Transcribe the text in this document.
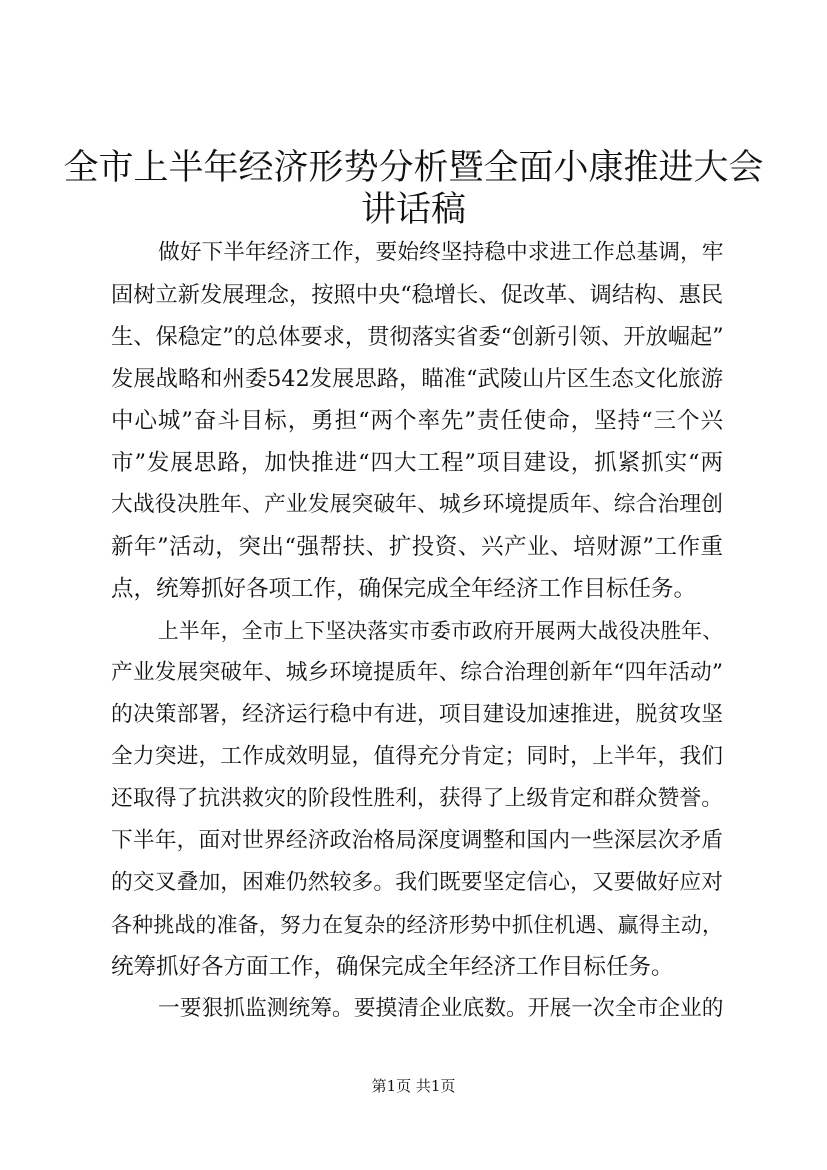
全市上半年经济形势分析暨全面小康推进大会
讲话稿
做好下半年经济工作，要始终坚持稳中求进工作总基调，牢
固树立新发展理念，按照中央“稳增长、促改革、调结构、惠民
生、保稳定”的总体要求，贯彻落实省委“创新引领、开放崛起”
发展战略和州委542发展思路，瞄准“武陵山片区生态文化旅游
中心城”奋斗目标，勇担“两个率先”责任使命，坚持“三个兴
市”发展思路，加快推进“四大工程”项目建设，抓紧抓实“两
大战役决胜年、产业发展突破年、城乡环境提质年、综合治理创
新年”活动，突出“强帮扶、扩投资、兴产业、培财源”工作重
点，统筹抓好各项工作，确保完成全年经济工作目标任务。
上半年，全市上下坚决落实市委市政府开展两大战役决胜年、
产业发展突破年、城乡环境提质年、综合治理创新年“四年活动”
的决策部署，经济运行稳中有进，项目建设加速推进，脱贫攻坚
全力突进，工作成效明显，值得充分肯定；同时，上半年，我们
还取得了抗洪救灾的阶段性胜利，获得了上级肯定和群众赞誉。
下半年，面对世界经济政治格局深度调整和国内一些深层次矛盾
的交叉叠加，困难仍然较多。我们既要坚定信心，又要做好应对
各种挑战的准备，努力在复杂的经济形势中抓住机遇、赢得主动，
统筹抓好各方面工作，确保完成全年经济工作目标任务。
一要狠抓监测统筹。要摸清企业底数。开展一次全市企业的
第1页 共1页
